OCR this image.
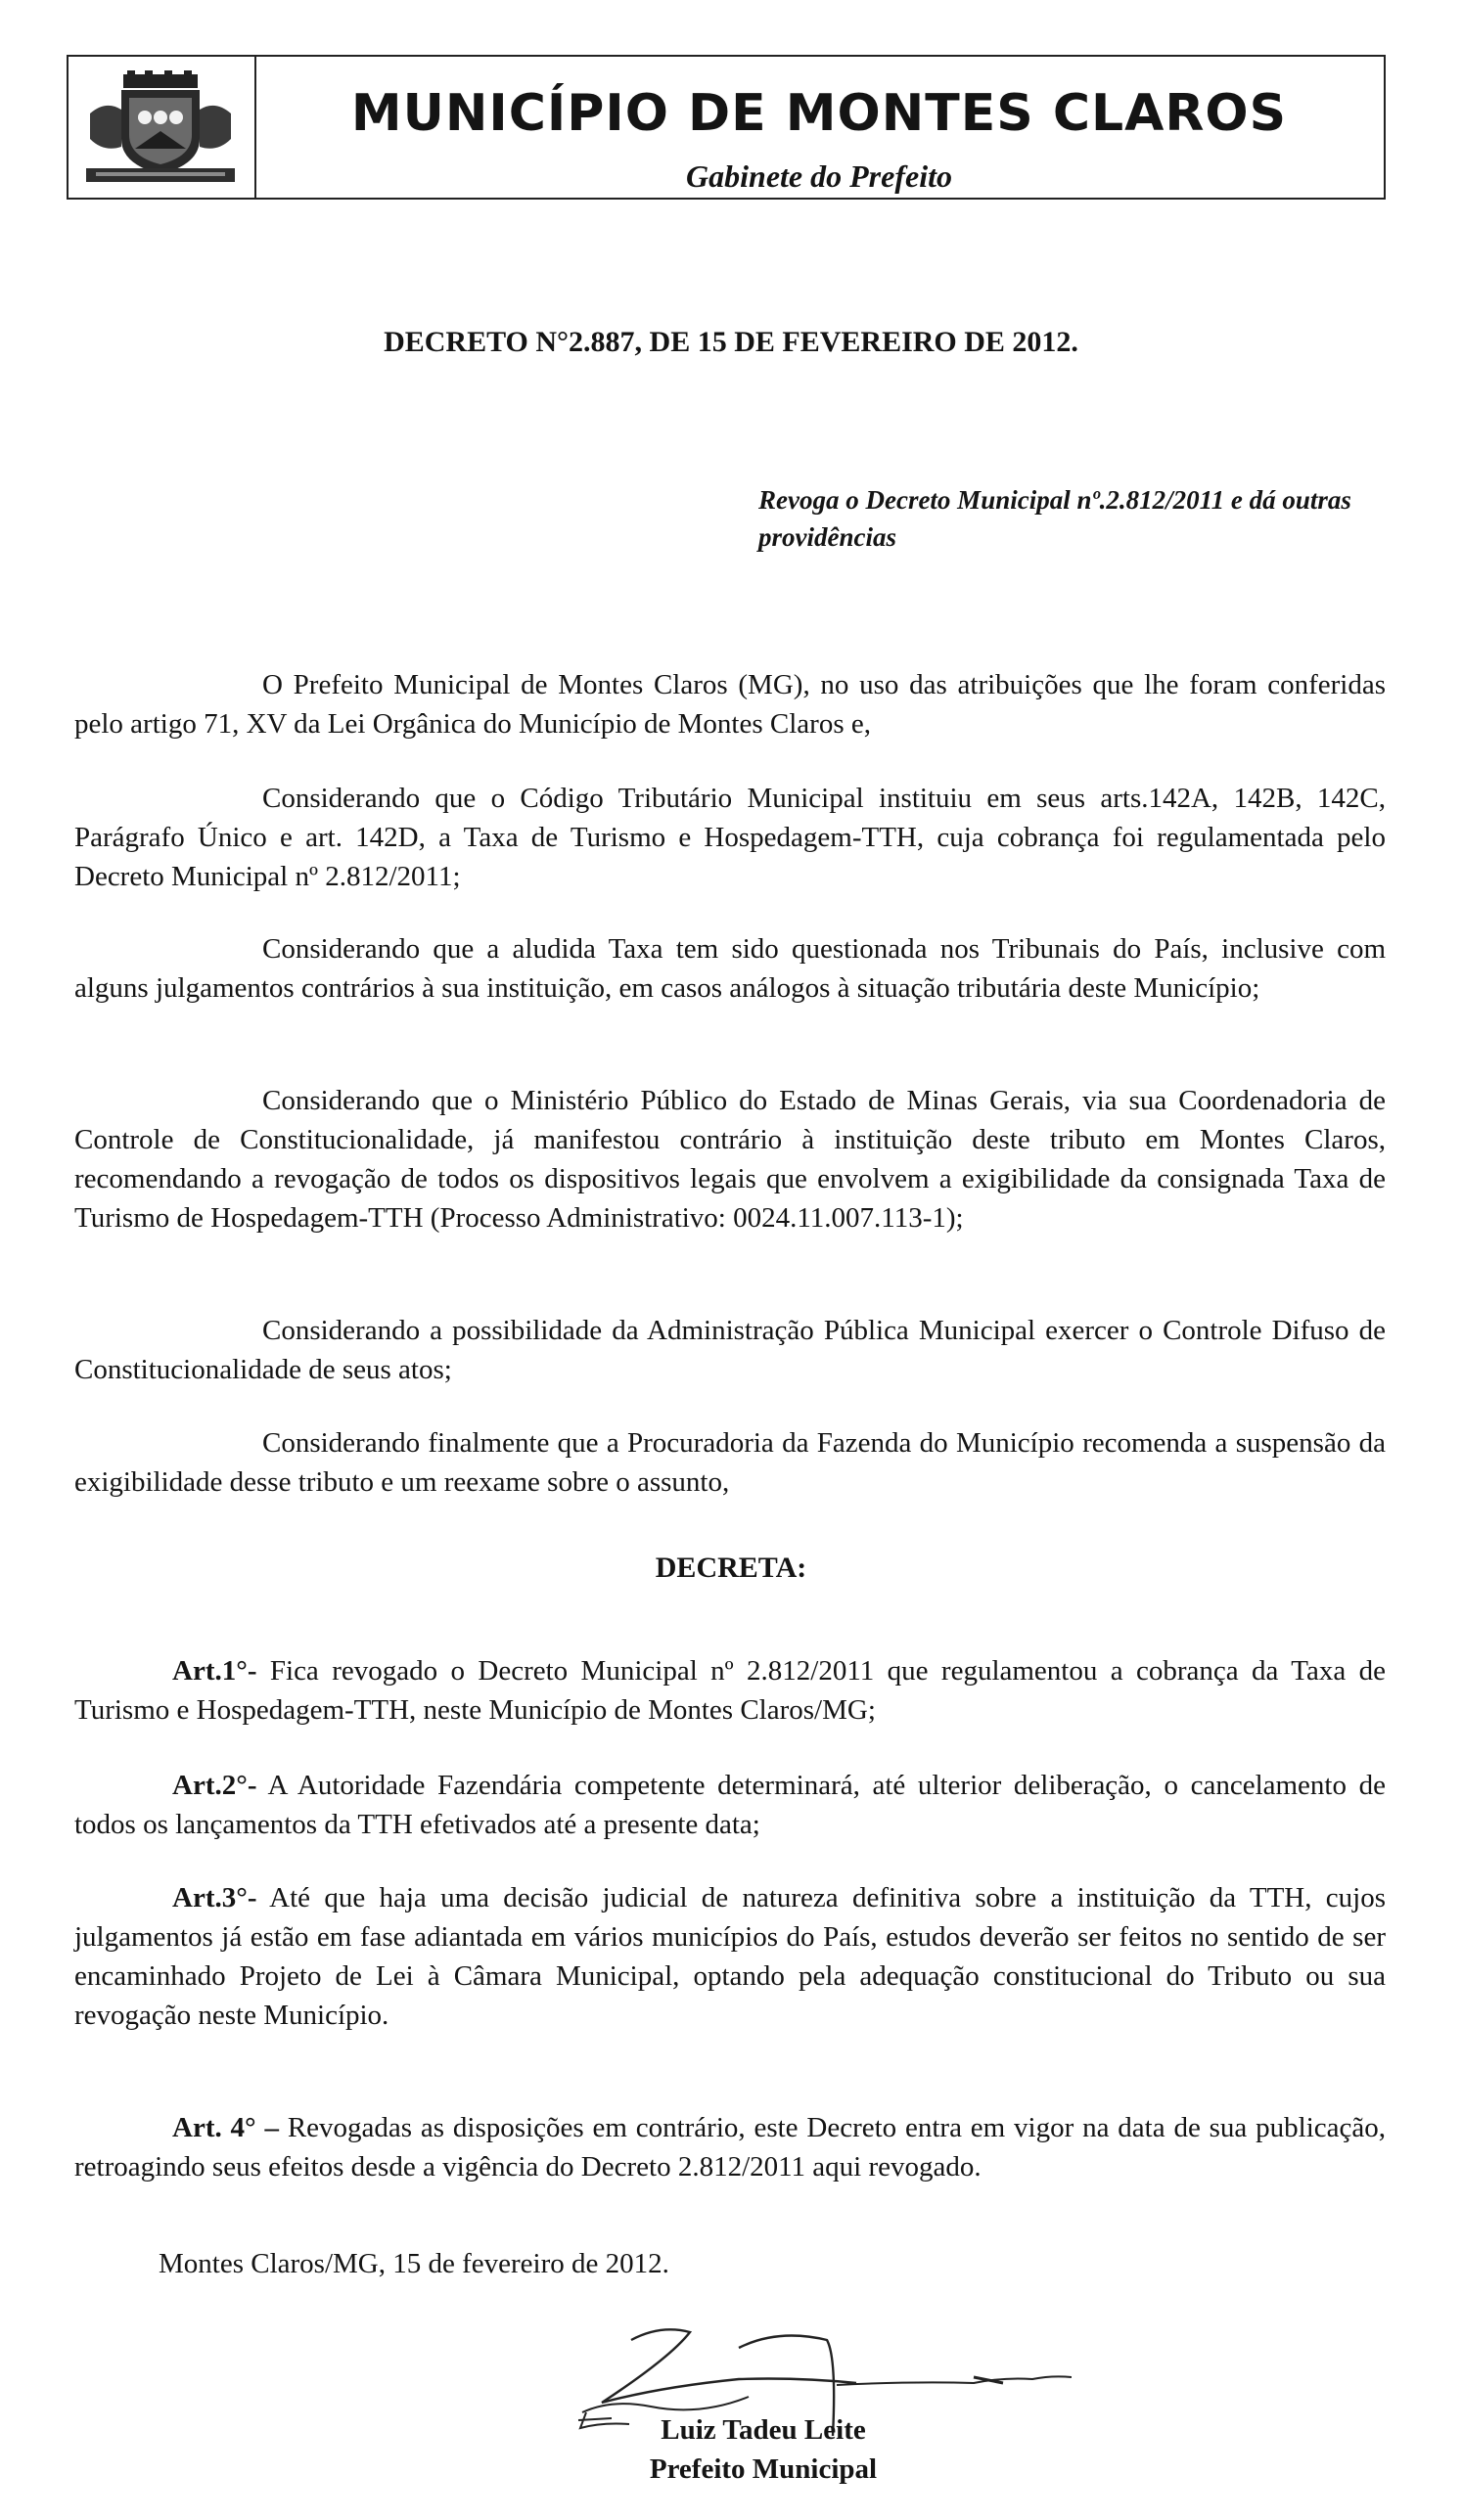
MUNICÍPIO DE MONTES CLAROS
Gabinete do Prefeito
DECRETO N°2.887, DE 15 DE FEVEREIRO DE 2012.
Revoga o Decreto Municipal nº.2.812/2011 e dá outras providências

O Prefeito Municipal de Montes Claros (MG), no uso das atribuições que lhe foram conferidas pelo artigo 71, XV da Lei Orgânica do Município de Montes Claros e,

Considerando que o Código Tributário Municipal instituiu em seus arts.142A, 142B, 142C, Parágrafo Único e art. 142D, a Taxa de Turismo e Hospedagem-TTH, cuja cobrança foi regulamentada pelo Decreto Municipal nº 2.812/2011;

Considerando que a aludida Taxa tem sido questionada nos Tribunais do País, inclusive com alguns julgamentos contrários à sua instituição, em casos análogos à situação tributária deste Município;

Considerando que o Ministério Público do Estado de Minas Gerais, via sua Coordenadoria de Controle de Constitucionalidade, já manifestou contrário à instituição deste tributo em Montes Claros, recomendando a revogação de todos os dispositivos legais que envolvem a exigibilidade da consignada Taxa de Turismo de Hospedagem-TTH (Processo Administrativo: 0024.11.007.113-1);

Considerando a possibilidade da Administração Pública Municipal exercer o Controle Difuso de Constitucionalidade de seus atos;

Considerando finalmente que a Procuradoria da Fazenda do Município recomenda a suspensão da exigibilidade desse tributo e um reexame sobre o assunto,

DECRETA:

Art.1°- Fica revogado o Decreto Municipal nº 2.812/2011 que regulamentou a cobrança da Taxa de Turismo e Hospedagem-TTH, neste Município de Montes Claros/MG;

Art.2°- A Autoridade Fazendária competente determinará, até ulterior deliberação, o cancelamento de todos os lançamentos da TTH efetivados até a presente data;

Art.3°- Até que haja uma decisão judicial de natureza definitiva sobre a instituição da TTH, cujos julgamentos já estão em fase adiantada em vários municípios do País, estudos deverão ser feitos no sentido de ser encaminhado Projeto de Lei à Câmara Municipal, optando pela adequação constitucional do Tributo ou sua revogação neste Município.

Art. 4° – Revogadas as disposições em contrário, este Decreto entra em vigor na data de sua publicação, retroagindo seus efeitos desde a vigência do Decreto 2.812/2011 aqui revogado.

Montes Claros/MG, 15 de fevereiro de 2012.
Luiz Tadeu Leite
Prefeito Municipal
